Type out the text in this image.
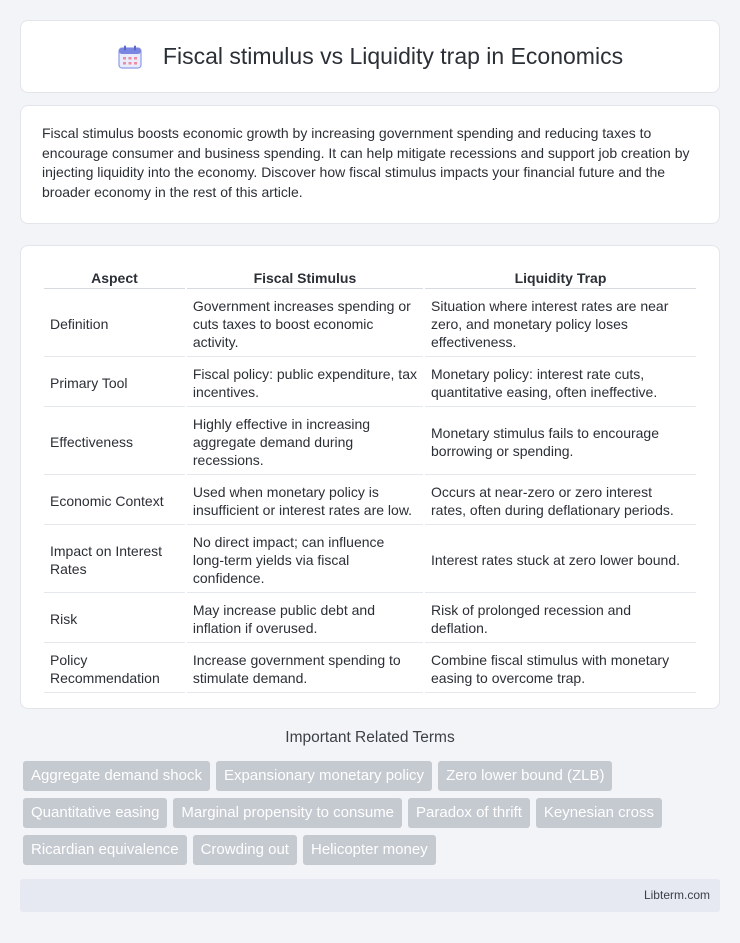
Fiscal stimulus vs Liquidity trap in Economics

Fiscal stimulus boosts economic growth by increasing government spending and reducing taxes to encourage consumer and business spending. It can help mitigate recessions and support job creation by injecting liquidity into the economy. Discover how fiscal stimulus impacts your financial future and the broader economy in the rest of this article.

Aspect	Fiscal Stimulus	Liquidity Trap
Definition	Government increases spending or cuts taxes to boost economic activity.	Situation where interest rates are near zero, and monetary policy loses effectiveness.
Primary Tool	Fiscal policy: public expenditure, tax incentives.	Monetary policy: interest rate cuts, quantitative easing, often ineffective.
Effectiveness	Highly effective in increasing aggregate demand during recessions.	Monetary stimulus fails to encourage borrowing or spending.
Economic Context	Used when monetary policy is insufficient or interest rates are low.	Occurs at near-zero or zero interest rates, often during deflationary periods.
Impact on Interest Rates	No direct impact; can influence long-term yields via fiscal confidence.	Interest rates stuck at zero lower bound.
Risk	May increase public debt and inflation if overused.	Risk of prolonged recession and deflation.
Policy Recommendation	Increase government spending to stimulate demand.	Combine fiscal stimulus with monetary easing to overcome trap.
Important Related Terms
Aggregate demand shock	Expansionary monetary policy	Zero lower bound (ZLB)
Quantitative easing	Marginal propensity to consume	Paradox of thrift	Keynesian cross
Ricardian equivalence	Crowding out	Helicopter money
Libterm.com
